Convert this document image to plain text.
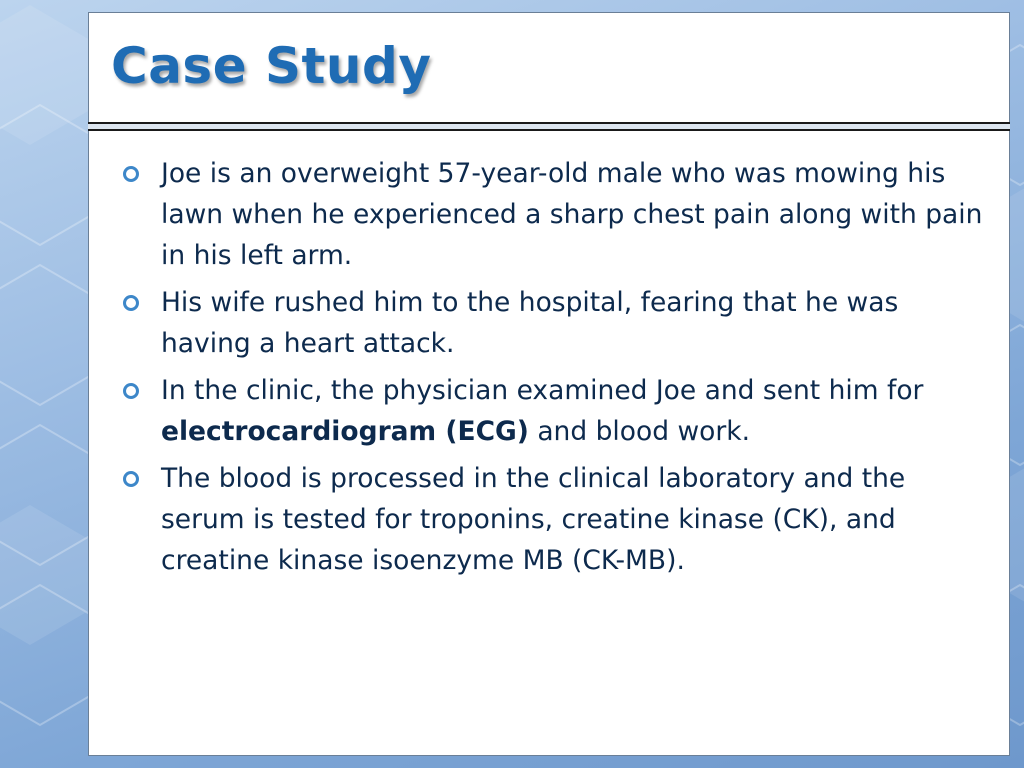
Case Study
Joe is an overweight 57-year-old male who was mowing his lawn when he experienced a sharp chest pain along with pain in his left arm.
His wife rushed him to the hospital, fearing that he was having a heart attack.
In the clinic, the physician examined Joe and sent him for electrocardiogram (ECG) and blood work.
The blood is processed in the clinical laboratory and the serum is tested for troponins, creatine kinase (CK), and creatine kinase isoenzyme MB (CK-MB).
